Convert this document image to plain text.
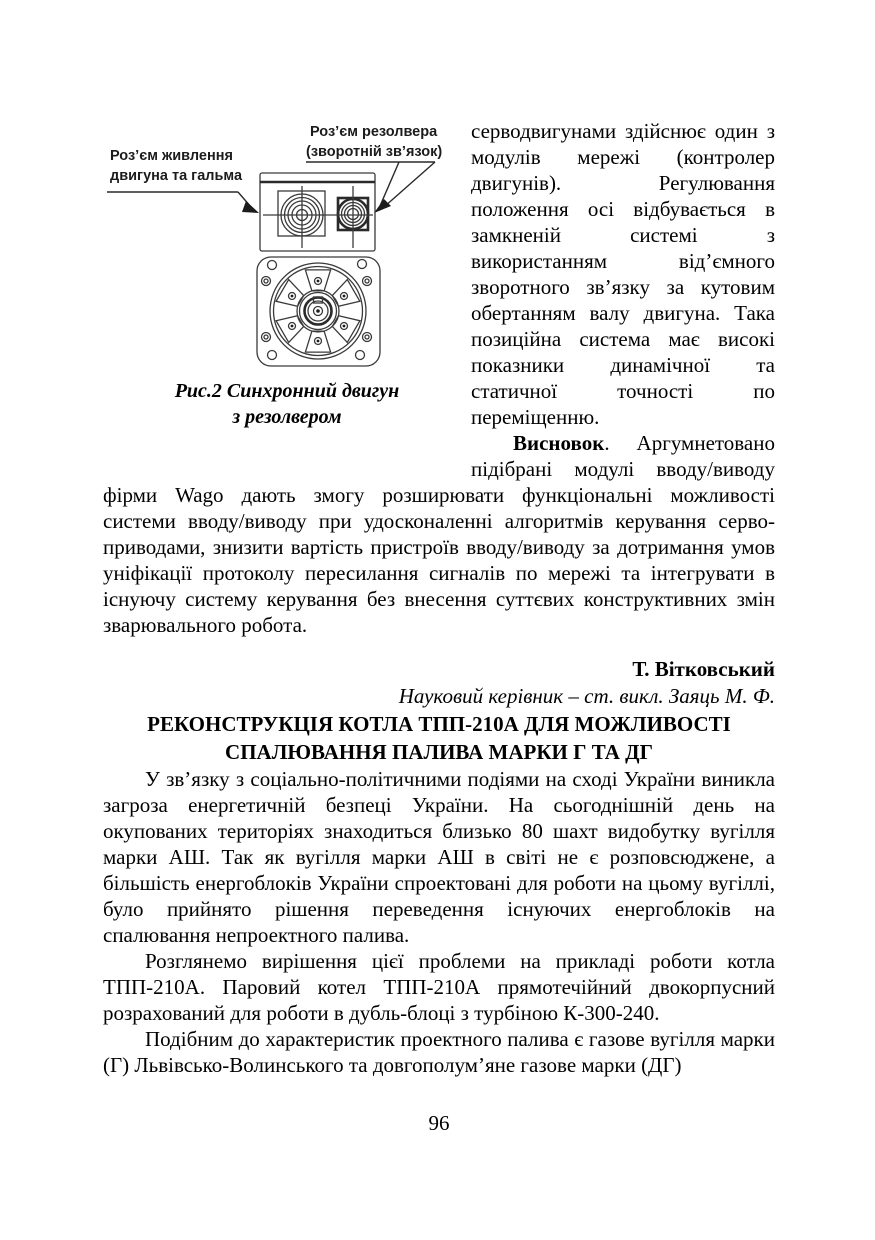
Роз’єм живлення
двигуна та гальма
Роз’єм резолвера
(зворотній зв’язок)
Рис.2 Синхронний двигун
з резолвером

серводвигунами здійснює один з модулів мережі (контролер двигунів). Регулювання положення осі відбувається в замкненій системі з використанням від’ємного зворотного зв’язку за кутовим обертанням валу двигуна. Така позиційна система має високі показники динамічної та статичної точності по переміщенню.

Висновок. Аргумнетовано підібрані модулі вводу/виводу фірми Wago дають змогу розширювати функціональні можливості системи вводу/виводу при удосконаленні алгоритмів керування серво-приводами, знизити вартість пристроїв вводу/виводу за дотримання умов уніфікації протоколу пересилання сигналів по мережі та інтегрувати в існуючу систему керування без внесення суттєвих конструктивних змін зварювального робота.

Т. Вітковський
Науковий керівник – ст. викл. Заяць М. Ф.

РЕКОНСТРУКЦІЯ КОТЛА ТПП-210А ДЛЯ МОЖЛИВОСТІ
СПАЛЮВАННЯ ПАЛИВА МАРКИ Г ТА ДГ

У зв’язку з соціально-політичними подіями на сході України виникла загроза енергетичній безпеці України. На сьогоднішній день на окупованих територіях знаходиться близько 80 шахт видобутку вугілля марки АШ. Так як вугілля марки АШ в світі не є розповсюджене, а більшість енергоблоків України спроектовані для роботи на цьому вугіллі, було прийнято рішення переведення існуючих енергоблоків на спалювання непроектного палива.

Розглянемо вирішення цієї проблеми на прикладі роботи котла ТПП-210А. Паровий котел ТПП-210А прямотечійний двокорпусний розрахований для роботи в дубль-блоці з турбіною К-300-240.

Подібним до характеристик проектного палива є газове вугілля марки (Г) Львівсько-Волинського та довгополум’яне газове марки (ДГ)

96
